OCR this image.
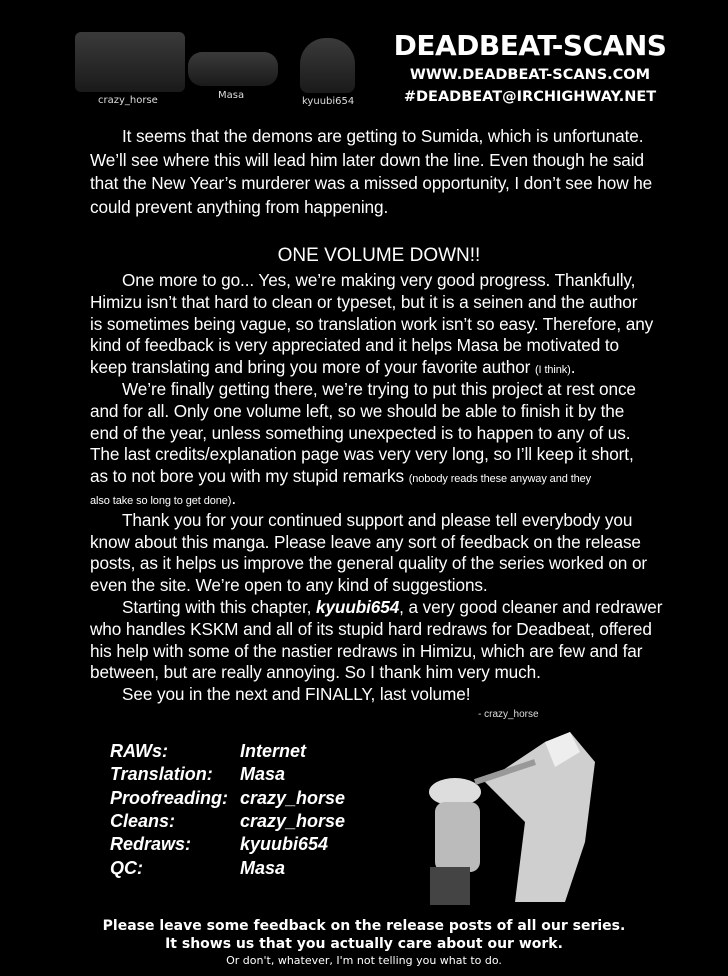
crazy_horse	Masa
kyuubi654
DEADBEAT-SCANS
WWW.DEADBEAT-SCANS.COM
#DEADBEAT@IRCHIGHWAY.NET
It seems that the demons are getting to Sumida, which is unfortunate.
We’ll see where this will lead him later down the line. Even though he said
that the New Year’s murderer was a missed opportunity, I don’t see how he
could prevent anything from happening.
ONE VOLUME DOWN!!
One more to go... Yes, we’re making very good progress. Thankfully,
Himizu isn’t that hard to clean or typeset, but it is a seinen and the author
is sometimes being vague, so translation work isn’t so easy. Therefore, any
kind of feedback is very appreciated and it helps Masa be motivated to
keep translating and bring you more of your favorite author (I think).
We’re finally getting there, we’re trying to put this project at rest once
and for all. Only one volume left, so we should be able to finish it by the
end of the year, unless something unexpected is to happen to any of us.
The last credits/explanation page was very very long, so I’ll keep it short,
as to not bore you with my stupid remarks (nobody reads these anyway and they
also take so long to get done).
Thank you for your continued support and please tell everybody you
know about this manga. Please leave any sort of feedback on the release
posts, as it helps us improve the general quality of the series worked on or
even the site. We’re open to any kind of suggestions.
Starting with this chapter, kyuubi654, a very good cleaner and redrawer
who handles KSKM and all of its stupid hard redraws for Deadbeat, offered
his help with some of the nastier redraws in Himizu, which are few and far
between, but are really annoying. So I thank him very much.
See you in the next and FINALLY, last volume!
- crazy_horse
RAWs:	Internet
Translation: Masa
Proofreading: crazy_horse
Cleans:	crazy_horse
Redraws:	kyuubi654
QC:	Masa
Please leave some feedback on the release posts of all our series.
It shows us that you actually care about our work.
Or don't, whatever, I'm not telling you what to do.
